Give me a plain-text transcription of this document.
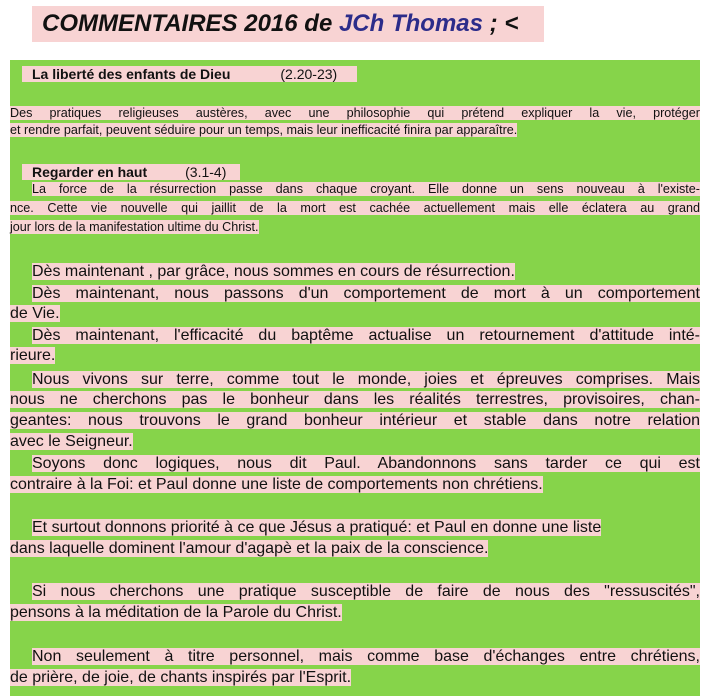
COMMENTAIRES 2016 de JCh Thomas ; <
La liberté des enfants de Dieu	(2.20-23)
Des pratiques religieuses austères, avec une philosophie qui prétend expliquer la vie, protéger
et rendre parfait, peuvent séduire pour un temps, mais leur inefficacité finira par apparaître.
Regarder en haut	(3.1-4)
La force de la résurrection passe dans chaque croyant. Elle donne un sens nouveau à l'existe-
nce. Cette vie nouvelle qui jaillit de la mort est cachée actuellement mais elle éclatera au grand
jour lors de la manifestation ultime du Christ.
Dès maintenant , par grâce, nous sommes en cours de résurrection.
Dès maintenant, nous passons d'un comportement de mort à un comportement
de Vie.
Dès maintenant, l'efficacité du baptême actualise un retournement d'attitude inté-
rieure.
Nous vivons sur terre, comme tout le monde, joies et épreuves comprises. Mais
nous ne cherchons pas le bonheur dans les réalités terrestres, provisoires, chan-
geantes: nous trouvons le grand bonheur intérieur et stable dans notre relation
avec le Seigneur.
Soyons donc logiques, nous dit Paul. Abandonnons sans tarder ce qui est
contraire à la Foi: et Paul donne une liste de comportements non chrétiens.
Et surtout donnons priorité à ce que Jésus a pratiqué: et Paul en donne une liste
dans laquelle dominent l'amour d'agapè et la paix de la conscience.
Si nous cherchons une pratique susceptible de faire de nous des "ressuscités",
pensons à la méditation de la Parole du Christ.
Non seulement à titre personnel, mais comme base d'échanges entre chrétiens,
de prière, de joie, de chants inspirés par l'Esprit.
